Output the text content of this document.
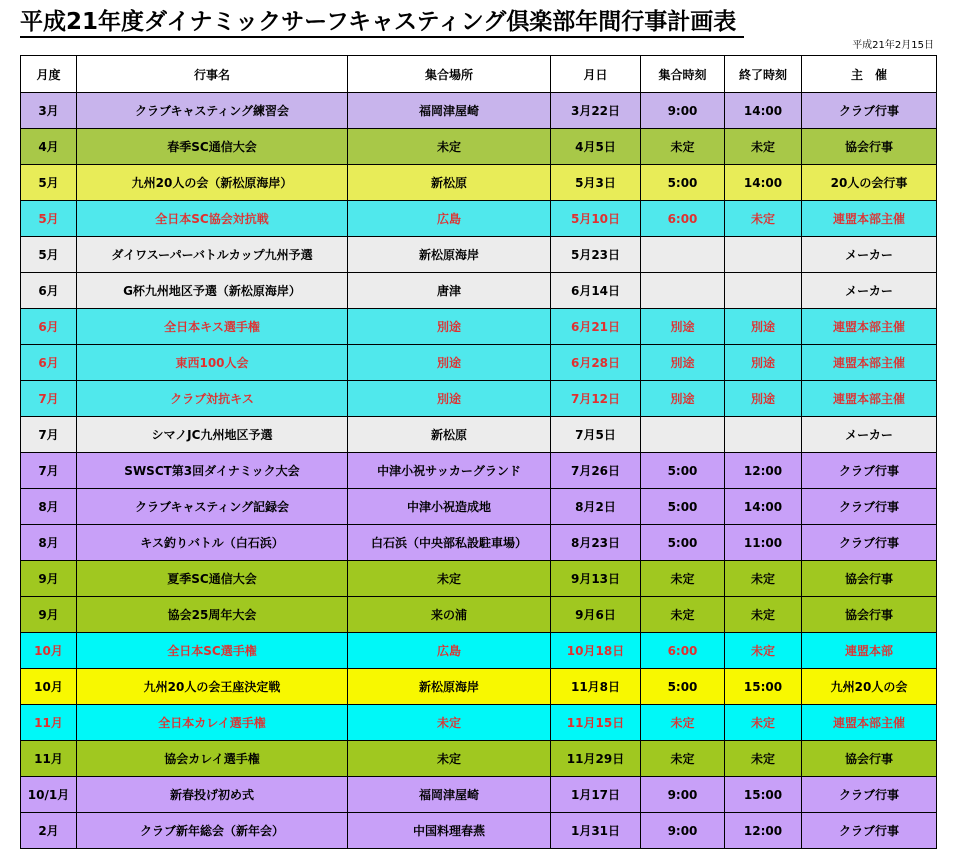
平成21年度ダイナミックサーフキャスティング倶楽部年間行事計画表
平成21年2月15日
月度	行事名	集合場所	月日	集合時刻	終了時刻	主　催
3月	クラブキャスティング練習会	福岡津屋崎	3月22日	9:00	14:00	クラブ行事
4月	春季SC通信大会	未定	4月5日	未定	未定	協会行事
5月	九州20人の会（新松原海岸）	新松原	5月3日	5:00	14:00	20人の会行事
5月	全日本SC協会対抗戦	広島	5月10日	6:00	未定	連盟本部主催
5月	ダイワスーパーバトルカップ九州予選	新松原海岸	5月23日			メーカー
6月	G杯九州地区予選（新松原海岸）	唐津	6月14日			メーカー
6月	全日本キス選手権	別途	6月21日	別途	別途	連盟本部主催
6月	東西100人会	別途	6月28日	別途	別途	連盟本部主催
7月	クラブ対抗キス	別途	7月12日	別途	別途	連盟本部主催
7月	シマノJC九州地区予選	新松原	7月5日			メーカー
7月	SWSCT第3回ダイナミック大会	中津小祝サッカーグランド	7月26日	5:00	12:00	クラブ行事
8月	クラブキャスティング記録会	中津小祝造成地	8月2日	5:00	14:00	クラブ行事
8月	キス釣りバトル（白石浜）	白石浜（中央部私設駐車場）	8月23日	5:00	11:00	クラブ行事
9月	夏季SC通信大会	未定	9月13日	未定	未定	協会行事
9月	協会25周年大会	来の浦	9月6日	未定	未定	協会行事
10月	全日本SC選手権	広島	10月18日	6:00	未定	連盟本部
10月	九州20人の会王座決定戦	新松原海岸	11月8日	5:00	15:00	九州20人の会
11月	全日本カレイ選手権	未定	11月15日	未定	未定	連盟本部主催
11月	協会カレイ選手権	未定	11月29日	未定	未定	協会行事
10/1月	新春投げ初め式	福岡津屋崎	1月17日	9:00	15:00	クラブ行事
2月	クラブ新年総会（新年会）	中国料理春燕	1月31日	9:00	12:00	クラブ行事
